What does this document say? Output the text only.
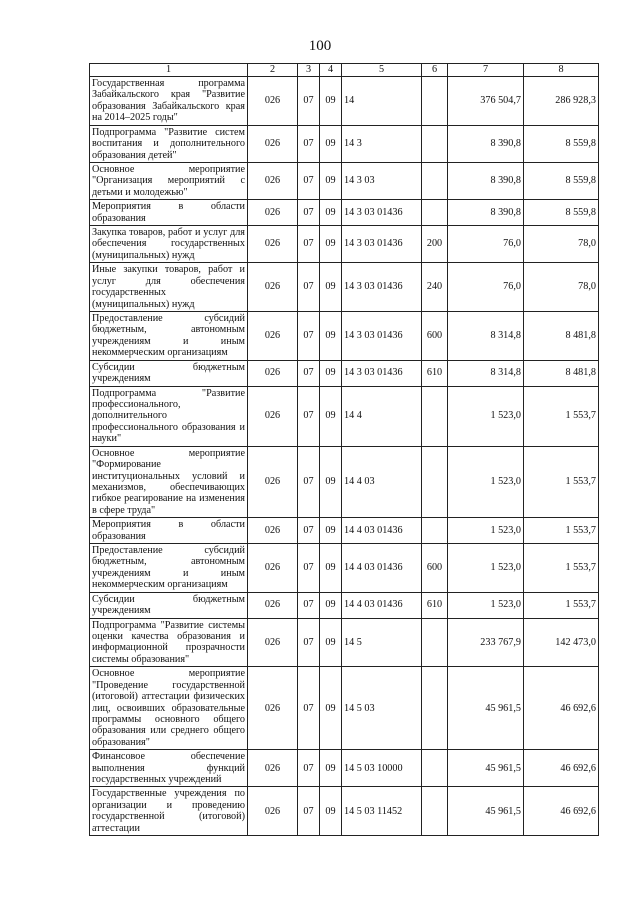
100
1	2	3	4	5	6	7	8
Государственная программа Забайкальского края "Развитие образования Забайкальского края на 2014–2025 годы"	026	07	09	14		376 504,7	286 928,3
Подпрограмма "Развитие систем воспитания и дополнительного образования детей"	026	07	09	14 3		8 390,8	8 559,8
Основное мероприятие "Организация мероприятий с детьми и молодежью"	026	07	09	14 3 03		8 390,8	8 559,8
Мероприятия в области образования	026	07	09	14 3 03 01436		8 390,8	8 559,8
Закупка товаров, работ и услуг для обеспечения государственных (муниципальных) нужд	026	07	09	14 3 03 01436	200	76,0	78,0
Иные закупки товаров, работ и услуг для обеспечения государственных (муниципальных) нужд	026	07	09	14 3 03 01436	240	76,0	78,0
Предоставление субсидий бюджетным, автономным учреждениям и иным некоммерческим организациям	026	07	09	14 3 03 01436	600	8 314,8	8 481,8
Субсидии бюджетным учреждениям	026	07	09	14 3 03 01436	610	8 314,8	8 481,8
Подпрограмма "Развитие профессионального, дополнительного профессионального образования и науки"	026	07	09	14 4		1 523,0	1 553,7
Основное мероприятие "Формирование институциональных условий и механизмов, обеспечивающих гибкое реагирование на изменения в сфере труда"	026	07	09	14 4 03		1 523,0	1 553,7
Мероприятия в области образования	026	07	09	14 4 03 01436		1 523,0	1 553,7
Предоставление субсидий бюджетным, автономным учреждениям и иным некоммерческим организациям	026	07	09	14 4 03 01436	600	1 523,0	1 553,7
Субсидии бюджетным учреждениям	026	07	09	14 4 03 01436	610	1 523,0	1 553,7
Подпрограмма "Развитие системы оценки качества образования и информационной прозрачности системы образования"	026	07	09	14 5		233 767,9	142 473,0
Основное мероприятие "Проведение государственной (итоговой) аттестации физических лиц, освоивших образовательные программы основного общего образования или среднего общего образования"	026	07	09	14 5 03		45 961,5	46 692,6
Финансовое обеспечение выполнения функций государственных учреждений	026	07	09	14 5 03 10000		45 961,5	46 692,6
Государственные учреждения по организации и проведению государственной (итоговой) аттестации	026	07	09	14 5 03 11452		45 961,5	46 692,6
